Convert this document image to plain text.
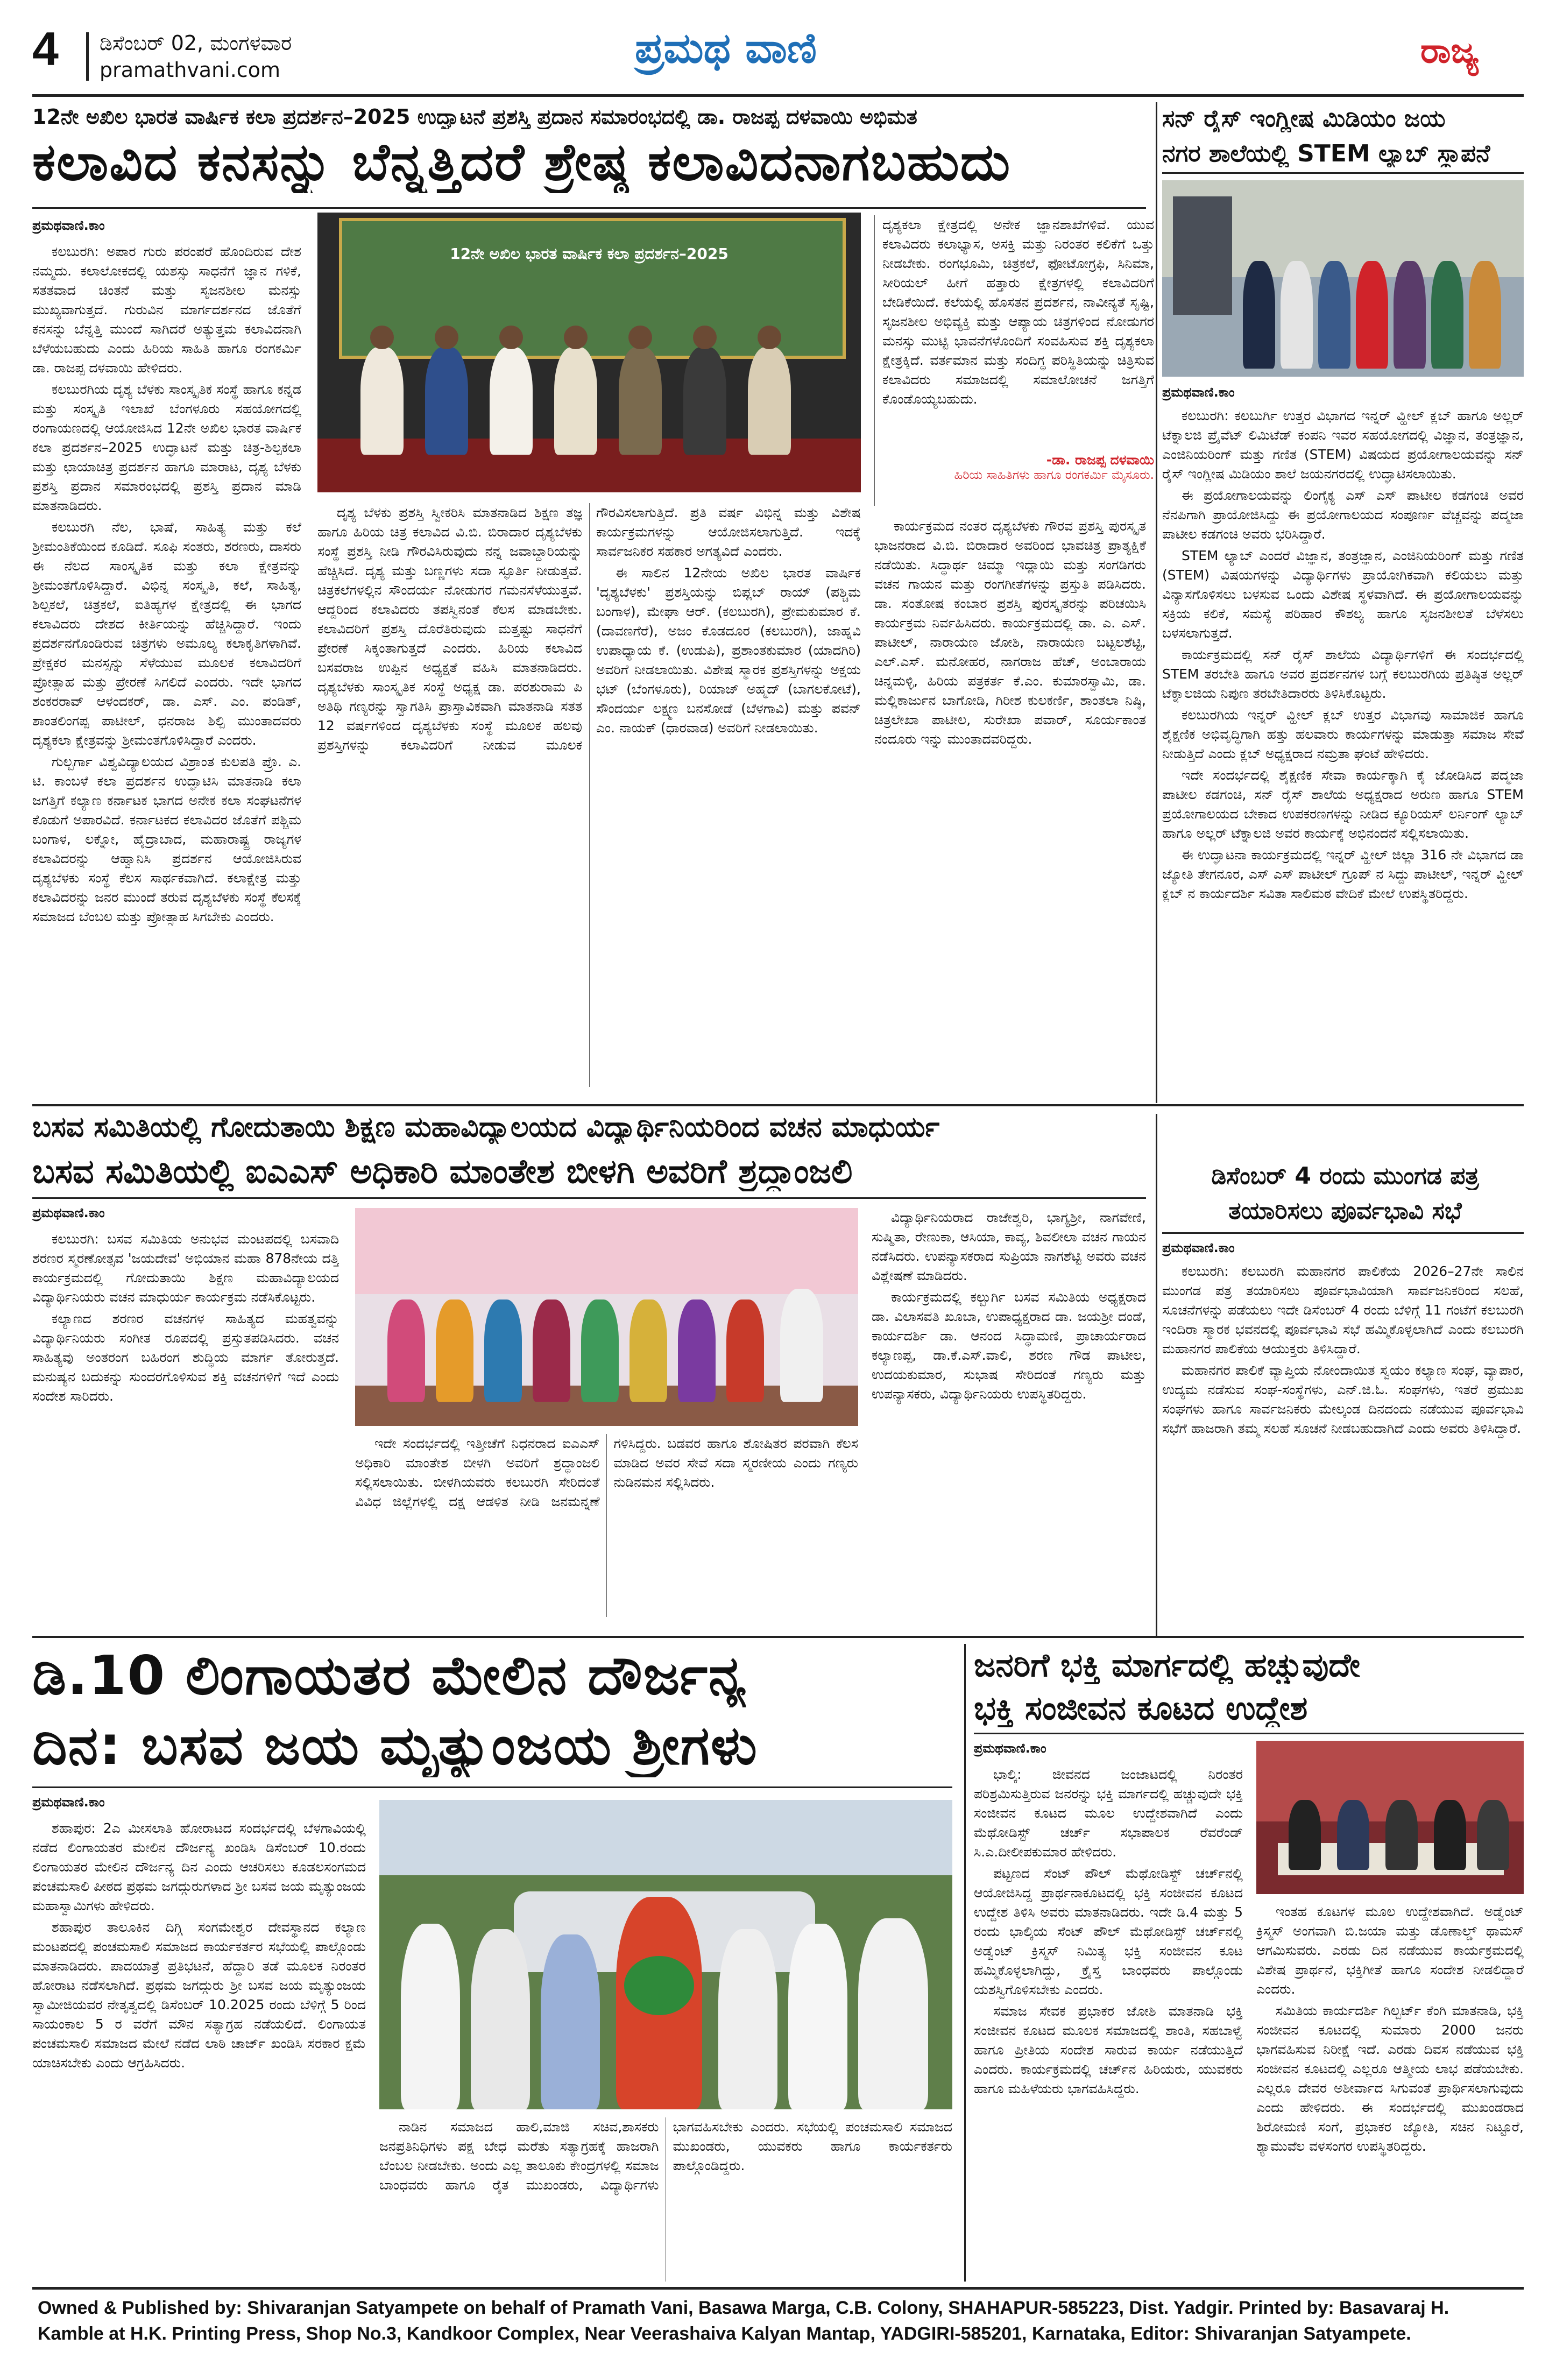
4 ಡಿಸೆಂಬರ್ 02, ಮಂಗಳವಾರ
pramathvani.com	ಪ್ರಮಥ ವಾಣಿ	ರಾಜ್ಯ
12ನೇ ಅಖಿಲ ಭಾರತ ವಾರ್ಷಿಕ ಕಲಾ ಪ್ರದರ್ಶನ–2025 ಉದ್ಘಾಟನೆ ಪ್ರಶಸ್ತಿ ಪ್ರದಾನ ಸಮಾರಂಭದಲ್ಲಿ ಡಾ. ರಾಜಪ್ಪ ದಳವಾಯಿ ಅಭಿಮತ
ಕಲಾವಿದ ಕನಸನ್ನು ಬೆನ್ನತ್ತಿದರೆ ಶ್ರೇಷ್ಠ ಕಲಾವಿದನಾಗಬಹುದು
ಪ್ರಮಥವಾಣಿ.ಕಾಂ

ಕಲಬುರಗಿ: ಅಪಾರ ಗುರು ಪರಂಪರೆ ಹೊಂದಿರುವ ದೇಶ ನಮ್ಮದು. ಕಲಾಲೋಕದಲ್ಲಿ ಯಶಸ್ಸು ಸಾಧನೆಗೆ ಜ್ಞಾನ ಗಳಿಕೆ, ಸತತವಾದ ಚಿಂತನೆ ಮತ್ತು ಸೃಜನಶೀಲ ಮನಸ್ಸು ಮುಖ್ಯವಾಗುತ್ತದೆ. ಗುರುವಿನ ಮಾರ್ಗದರ್ಶನದ ಜೊತೆಗೆ ಕನಸನ್ನು ಬೆನ್ನತ್ತಿ ಮುಂದೆ ಸಾಗಿದರೆ ಅತ್ಯುತ್ತಮ ಕಲಾವಿದನಾಗಿ ಬೆಳೆಯಬಹುದು ಎಂದು ಹಿರಿಯ ಸಾಹಿತಿ ಹಾಗೂ ರಂಗಕರ್ಮಿ ಡಾ. ರಾಜಪ್ಪ ದಳವಾಯಿ ಹೇಳಿದರು.

ಕಲಬುರಗಿಯ ದೃಶ್ಯ ಬೆಳಕು ಸಾಂಸ್ಕೃತಿಕ ಸಂಸ್ಥೆ ಹಾಗೂ ಕನ್ನಡ ಮತ್ತು ಸಂಸ್ಕೃತಿ ಇಲಾಖೆ ಬೆಂಗಳೂರು ಸಹಯೋಗದಲ್ಲಿ ರಂಗಾಯಣದಲ್ಲಿ ಆಯೋಜಿಸಿದ 12ನೇ ಅಖಿಲ ಭಾರತ ವಾರ್ಷಿಕ ಕಲಾ ಪ್ರದರ್ಶನ–2025 ಉದ್ಘಾಟನೆ ಮತ್ತು ಚಿತ್ರ-ಶಿಲ್ಪಕಲಾ ಮತ್ತು ಛಾಯಾಚಿತ್ರ ಪ್ರದರ್ಶನ ಹಾಗೂ ಮಾರಾಟ, ದೃಶ್ಯ ಬೆಳಕು ಪ್ರಶಸ್ತಿ ಪ್ರದಾನ ಸಮಾರಂಭದಲ್ಲಿ ಪ್ರಶಸ್ತಿ ಪ್ರದಾನ ಮಾಡಿ ಮಾತನಾಡಿದರು.

ಕಲಬುರಗಿ ನೆಲ, ಭಾಷೆ, ಸಾಹಿತ್ಯ ಮತ್ತು ಕಲೆ ಶ್ರೀಮಂತಿಕೆಯಿಂದ ಕೂಡಿದೆ. ಸೂಫಿ ಸಂತರು, ಶರಣರು, ದಾಸರು ಈ ನೆಲದ ಸಾಂಸ್ಕೃತಿಕ ಮತ್ತು ಕಲಾ ಕ್ಷೇತ್ರವನ್ನು ಶ್ರೀಮಂತಗೊಳಿಸಿದ್ದಾರೆ. ವಿಭಿನ್ನ ಸಂಸ್ಕೃತಿ, ಕಲೆ, ಸಾಹಿತ್ಯ, ಶಿಲ್ಪಕಲೆ, ಚಿತ್ರಕಲೆ, ಐತಿಹ್ಯಗಳ ಕ್ಷೇತ್ರದಲ್ಲಿ ಈ ಭಾಗದ ಕಲಾವಿದರು ದೇಶದ ಕೀರ್ತಿಯನ್ನು ಹೆಚ್ಚಿಸಿದ್ದಾರೆ. ಇಂದು ಪ್ರದರ್ಶನಗೊಂಡಿರುವ ಚಿತ್ರಗಳು ಅಮೂಲ್ಯ ಕಲಾಕೃತಿಗಳಾಗಿವೆ. ಪ್ರೇಕ್ಷಕರ ಮನಸ್ಸನ್ನು ಸೆಳೆಯುವ ಮೂಲಕ ಕಲಾವಿದರಿಗೆ ಪ್ರೋತ್ಸಾಹ ಮತ್ತು ಪ್ರೇರಣೆ ಸಿಗಲಿದೆ ಎಂದರು. ಇದೇ ಭಾಗದ ಶಂಕರರಾವ್ ಆಳಂದಕರ್, ಡಾ. ಎಸ್. ಎಂ. ಪಂಡಿತ್, ಶಾಂತಲಿಂಗಪ್ಪ ಪಾಟೀಲ್, ಧನರಾಜ ಶಿಲ್ಪಿ ಮುಂತಾದವರು ದೃಶ್ಯಕಲಾ ಕ್ಷೇತ್ರವನ್ನು ಶ್ರೀಮಂತಗೊಳಿಸಿದ್ದಾರೆ ಎಂದರು.

ಗುಲ್ಬರ್ಗಾ ವಿಶ್ವವಿದ್ಯಾಲಯದ ವಿಶ್ರಾಂತ ಕುಲಪತಿ ಪ್ರೊ. ಎ. ಟಿ. ಕಾಂಬಳೆ ಕಲಾ ಪ್ರದರ್ಶನ ಉದ್ಘಾಟಿಸಿ ಮಾತನಾಡಿ ಕಲಾ ಜಗತ್ತಿಗೆ ಕಲ್ಯಾಣ ಕರ್ನಾಟಕ ಭಾಗದ ಅನೇಕ ಕಲಾ ಸಂಘಟನೆಗಳ ಕೊಡುಗೆ ಅಪಾರವಿದೆ. ಕರ್ನಾಟಕದ ಕಲಾವಿದರ ಜೊತೆಗೆ ಪಶ್ಚಿಮ ಬಂಗಾಳ, ಲಕ್ನೋ, ಹೈದ್ರಾಬಾದ, ಮಹಾರಾಷ್ಟ್ರ ರಾಜ್ಯಗಳ ಕಲಾವಿದರನ್ನು ಆಹ್ವಾನಿಸಿ ಪ್ರದರ್ಶನ ಆಯೋಜಿಸಿರುವ ದೃಶ್ಯಬೆಳಕು ಸಂಸ್ಥೆ ಕೆಲಸ ಸಾರ್ಥಕವಾಗಿದೆ. ಕಲಾಕ್ಷೇತ್ರ ಮತ್ತು ಕಲಾವಿದರನ್ನು ಜನರ ಮುಂದೆ ತರುವ ದೃಶ್ಯಬೆಳಕು ಸಂಸ್ಥೆ ಕೆಲಸಕ್ಕೆ ಸಮಾಜದ ಬೆಂಬಲ ಮತ್ತು ಪ್ರೋತ್ಸಾಹ ಸಿಗಬೇಕು ಎಂದರು.

12ನೇ ಅಖಿಲ ಭಾರತ ವಾರ್ಷಿಕ ಕಲಾ ಪ್ರದರ್ಶನ–2025

ದೃಶ್ಯ ಬೆಳಕು ಪ್ರಶಸ್ತಿ ಸ್ವೀಕರಿಸಿ ಮಾತನಾಡಿದ ಶಿಕ್ಷಣ ತಜ್ಞ ಹಾಗೂ ಹಿರಿಯ ಚಿತ್ರ ಕಲಾವಿದ ವಿ.ಬಿ. ಬಿರಾದಾರ ದೃಶ್ಯಬೆಳಕು ಸಂಸ್ಥೆ ಪ್ರಶಸ್ತಿ ನೀಡಿ ಗೌರವಿಸಿರುವುದು ನನ್ನ ಜವಾಬ್ದಾರಿಯನ್ನು ಹೆಚ್ಚಿಸಿದೆ. ದೃಶ್ಯ ಮತ್ತು ಬಣ್ಣಗಳು ಸದಾ ಸ್ಫೂರ್ತಿ ನೀಡುತ್ತವೆ. ಚಿತ್ರಕಲೆಗಳಲ್ಲಿನ ಸೌಂದರ್ಯ ನೋಡುಗರ ಗಮನಸೆಳೆಯುತ್ತವೆ. ಆದ್ದರಿಂದ ಕಲಾವಿದರು ತಪಸ್ವಿನಂತೆ ಕೆಲಸ ಮಾಡಬೇಕು. ಕಲಾವಿದರಿಗೆ ಪ್ರಶಸ್ತಿ ದೊರೆತಿರುವುದು ಮತ್ತಷ್ಟು ಸಾಧನೆಗೆ ಪ್ರೇರಣೆ ಸಿಕ್ಕಂತಾಗುತ್ತದೆ ಎಂದರು. ಹಿರಿಯ ಕಲಾವಿದ ಬಸವರಾಜ ಉಪ್ಪಿನ ಅಧ್ಯಕ್ಷತೆ ವಹಿಸಿ ಮಾತನಾಡಿದರು. ದೃಶ್ಯಬೆಳಕು ಸಾಂಸ್ಕೃತಿಕ ಸಂಸ್ಥೆ ಅಧ್ಯಕ್ಷ ಡಾ. ಪರಶುರಾಮ ಪಿ ಅತಿಥಿ ಗಣ್ಯರನ್ನು ಸ್ವಾಗತಿಸಿ ಪ್ರಾಸ್ತಾವಿಕವಾಗಿ ಮಾತನಾಡಿ ಸತತ 12 ವರ್ಷಗಳಿಂದ ದೃಶ್ಯಬೆಳಕು ಸಂಸ್ಥೆ ಮೂಲಕ ಹಲವು ಪ್ರಶಸ್ತಿಗಳನ್ನು ಕಲಾವಿದರಿಗೆ ನೀಡುವ ಮೂಲಕ ಗೌರವಿಸಲಾಗುತ್ತಿದೆ. ಪ್ರತಿ ವರ್ಷ ವಿಭಿನ್ನ ಮತ್ತು ವಿಶೇಷ ಕಾರ್ಯಕ್ರಮಗಳನ್ನು ಆಯೋಜಿಸಲಾಗುತ್ತಿದೆ. ಇದಕ್ಕೆ ಸಾರ್ವಜನಿಕರ ಸಹಕಾರ ಅಗತ್ಯವಿದೆ ಎಂದರು.

ಈ ಸಾಲಿನ 12ನೇಯ ಅಖಿಲ ಭಾರತ ವಾರ್ಷಿಕ 'ದೃಶ್ಯಬೆಳಕು' ಪ್ರಶಸ್ತಿಯನ್ನು ಬಿಪ್ಲಬ್ ರಾಯ್ (ಪಶ್ಚಿಮ ಬಂಗಾಳ), ಮೇಘಾ ಆರ್. (ಕಲಬುರಗಿ), ಪ್ರೇಮಕುಮಾರ ಕೆ. (ದಾವಣಗೆರೆ), ಅಜಂ ಕೊಡದೂರ (ಕಲಬುರಗಿ), ಜಾಹ್ನವಿ ಉಪಾಧ್ಯಾಯ ಕೆ. (ಉಡುಪಿ), ಪ್ರಶಾಂತಕುಮಾರ (ಯಾದಗಿರಿ) ಅವರಿಗೆ ನೀಡಲಾಯಿತು. ವಿಶೇಷ ಸ್ಮಾರಕ ಪ್ರಶಸ್ತಿಗಳನ್ನು ಅಕ್ಷಯ ಭಟ್ (ಬೆಂಗಳೂರು), ರಿಯಾಜ್ ಅಹ್ಮದ್ (ಬಾಗಲಕೋಟೆ), ಸೌಂದರ್ಯ ಲಕ್ಷ್ಮಣ ಬನಸೋಡೆ (ಬೆಳಗಾವಿ) ಮತ್ತು ಪವನ್ ಎಂ. ನಾಯಕ್ (ಧಾರವಾಡ) ಅವರಿಗೆ ನೀಡಲಾಯಿತು.

ದೃಶ್ಯಕಲಾ ಕ್ಷೇತ್ರದಲ್ಲಿ ಅನೇಕ ಜ್ಞಾನಶಾಖೆಗಳಿವೆ. ಯುವ ಕಲಾವಿದರು ಕಲಾಭ್ಯಾಸ, ಅಸಕ್ತಿ ಮತ್ತು ನಿರಂತರ ಕಲಿಕೆಗೆ ಒತ್ತು ನೀಡಬೇಕು. ರಂಗಭೂಮಿ, ಚಿತ್ರಕಲೆ, ಫೋಟೋಗ್ರಫಿ, ಸಿನಿಮಾ, ಸೀರಿಯಲ್ ಹೀಗೆ ಹತ್ತಾರು ಕ್ಷೇತ್ರಗಳಲ್ಲಿ ಕಲಾವಿದರಿಗೆ ಬೇಡಿಕೆಯಿದೆ. ಕಲೆಯಲ್ಲಿ ಹೊಸತನ ಪ್ರದರ್ಶನ, ನಾವೀನ್ಯತೆ ಸೃಷ್ಟಿ, ಸೃಜನಶೀಲ ಅಭಿವ್ಯಕ್ತಿ ಮತ್ತು ಆಪ್ಯಾಯ ಚಿತ್ರಗಳಿಂದ ನೋಡುಗರ ಮನಸ್ಸು ಮುಟ್ಟಿ ಭಾವನೆಗಳೊಂದಿಗೆ ಸಂವಹಿಸುವ ಶಕ್ತಿ ದೃಶ್ಯಕಲಾ ಕ್ಷೇತ್ರಕ್ಕಿದೆ. ವರ್ತಮಾನ ಮತ್ತು ಸಂದಿಗ್ಧ ಪರಿಸ್ಥಿತಿಯನ್ನು ಚಿತ್ರಿಸುವ ಕಲಾವಿದರು ಸಮಾಜದಲ್ಲಿ ಸಮಾಲೋಚನೆ ಜಗತ್ತಿಗೆ ಕೊಂಡೊಯ್ಯಬಹುದು.
-ಡಾ. ರಾಜಪ್ಪ ದಳವಾಯಿ
ಹಿರಿಯ ಸಾಹಿತಿಗಳು ಹಾಗೂ ರಂಗಕರ್ಮಿ ಮೈಸೂರು.

ಕಾರ್ಯಕ್ರಮದ ನಂತರ ದೃಶ್ಯಬೆಳಕು ಗೌರವ ಪ್ರಶಸ್ತಿ ಪುರಸ್ಕೃತ ಭಾಜನರಾದ ವಿ.ಬಿ. ಬಿರಾದಾರ ಅವರಿಂದ ಭಾವಚಿತ್ರ ಪ್ರಾತ್ಯಕ್ಷಿಕೆ ನಡೆಯಿತು. ಸಿದ್ಧಾರ್ಥ ಚಿಮ್ಮಾ ಇದ್ಲಾಯಿ ಮತ್ತು ಸಂಗಡಿಗರು ವಚನ ಗಾಯನ ಮತ್ತು ರಂಗಗೀತೆಗಳನ್ನು ಪ್ರಸ್ತುತಿ ಪಡಿಸಿದರು. ಡಾ. ಸಂತೋಷ ಕಂಬಾರ ಪ್ರಶಸ್ತಿ ಪುರಸ್ಕೃತರನ್ನು ಪರಿಚಯಿಸಿ ಕಾರ್ಯಕ್ರಮ ನಿರ್ವಹಿಸಿದರು. ಕಾರ್ಯಕ್ರಮದಲ್ಲಿ ಡಾ. ಎ. ಎಸ್. ಪಾಟೀಲ್, ನಾರಾಯಣ ಜೋಶಿ, ನಾರಾಯಣ ಬಟ್ಟಲಶೆಟ್ಟಿ, ಎಲ್.ಎಸ್. ಮನೋಹರ, ನಾಗರಾಜ ಹೆಚ್, ಅಂಬಾರಾಯ ಚಿನ್ನಮಳ್ಳಿ, ಹಿರಿಯ ಪತ್ರಕರ್ತ ಕೆ.ಎಂ. ಕುಮಾರಸ್ವಾಮಿ, ಡಾ. ಮಲ್ಲಿಕಾರ್ಜುನ ಬಾಗೋಡಿ, ಗಿರೀಶ ಕುಲಕರ್ಣಿ, ಶಾಂತಲಾ ನಿಷ್ಠಿ, ಚಿತ್ರಲೇಖಾ ಪಾಟೀಲ, ಸುರೇಖಾ ಪವಾರ್, ಸೂರ್ಯಕಾಂತ ನಂದೂರು ಇನ್ನು ಮುಂತಾದವರಿದ್ದರು.

ಸನ್ ರೈಸ್ ಇಂಗ್ಲೀಷ ಮಿಡಿಯಂ ಜಯ
ನಗರ ಶಾಲೆಯಲ್ಲಿ STEM ಲ್ಯಾಬ್ ಸ್ಥಾಪನೆ
ಪ್ರಮಥವಾಣಿ.ಕಾಂ

ಕಲಬುರಗಿ: ಕಲಬುರ್ಗಿ ಉತ್ತರ ವಿಭಾಗದ ಇನ್ನರ್ ವ್ಹೀಲ್ ಕ್ಲಬ್ ಹಾಗೂ ಅಲ್ಲರ್ ಟೆಕ್ನಾಲಜಿ ಪ್ರೈವೆಟ್ ಲಿಮಿಟೆಡ್ ಕಂಪನಿ ಇವರ ಸಹಯೋಗದಲ್ಲಿ ವಿಜ್ಞಾನ, ತಂತ್ರಜ್ಞಾನ, ಎಂಜಿನಿಯರಿಂಗ್ ಮತ್ತು ಗಣಿತ (STEM) ವಿಷಯದ ಪ್ರಯೋಗಾಲಯವನ್ನು ಸನ್ ರೈಸ್ ಇಂಗ್ಲೀಷ ಮಿಡಿಯಂ ಶಾಲೆ ಜಯನಗರದಲ್ಲಿ ಉದ್ಘಾಟಿಸಲಾಯಿತು.

ಈ ಪ್ರಯೋಗಾಲಯವನ್ನು ಲಿಂಗೈಕ್ಯ ಎಸ್ ಎಸ್ ಪಾಟೀಲ ಕಡಗಂಚಿ ಅವರ ನೆನಪಿಗಾಗಿ ಪ್ರಾಯೋಜಿಸಿದ್ದು ಈ ಪ್ರಯೋಗಾಲಯದ ಸಂಪೂರ್ಣ ವೆಚ್ಚವನ್ನು ಪದ್ಮಜಾ ಪಾಟೀಲ ಕಡಗಂಚಿ ಅವರು ಭರಿಸಿದ್ದಾರೆ.

STEM ಲ್ಯಾಬ್ ಎಂದರೆ ವಿಜ್ಞಾನ, ತಂತ್ರಜ್ಞಾನ, ಎಂಜಿನಿಯರಿಂಗ್ ಮತ್ತು ಗಣಿತ (STEM) ವಿಷಯಗಳನ್ನು ವಿದ್ಯಾರ್ಥಿಗಳು ಪ್ರಾಯೋಗಿಕವಾಗಿ ಕಲಿಯಲು ಮತ್ತು ವಿನ್ಯಾಸಗೊಳಿಸಲು ಬಳಸುವ ಒಂದು ವಿಶೇಷ ಸ್ಥಳವಾಗಿದೆ. ಈ ಪ್ರಯೋಗಾಲಯವನ್ನು ಸಕ್ರಿಯ ಕಲಿಕೆ, ಸಮಸ್ಯೆ ಪರಿಹಾರ ಕೌಶಲ್ಯ ಹಾಗೂ ಸೃಜನಶೀಲತೆ ಬೆಳೆಸಲು ಬಳಸಲಾಗುತ್ತದೆ.

ಕಾರ್ಯಕ್ರಮದಲ್ಲಿ ಸನ್ ರೈಸ್ ಶಾಲೆಯ ವಿದ್ಯಾರ್ಥಿಗಳಿಗೆ ಈ ಸಂದರ್ಭದಲ್ಲಿ STEM ತರಬೇತಿ ಹಾಗೂ ಅವರ ಪ್ರದರ್ಶನಗಳ ಬಗ್ಗೆ ಕಲಬುರಗಿಯ ಪ್ರತಿಷ್ಠಿತ ಅಲ್ಲರ್ ಟೆಕ್ನಾಲಜಿಯ ನಿಪುಣ ತರಬೇತಿದಾರರು ತಿಳಿಸಿಕೊಟ್ಟರು.

ಕಲಬುರಗಿಯ ಇನ್ನರ್ ವ್ಹೀಲ್ ಕ್ಲಬ್ ಉತ್ತರ ವಿಭಾಗವು ಸಾಮಾಜಿಕ ಹಾಗೂ ಶೈಕ್ಷಣಿಕ ಅಭಿವೃದ್ಧಿಗಾಗಿ ಹತ್ತು ಹಲವಾರು ಕಾರ್ಯಗಳನ್ನು ಮಾಡುತ್ತಾ ಸಮಾಜ ಸೇವೆ ನೀಡುತ್ತಿದೆ ಎಂದು ಕ್ಲಬ್ ಅಧ್ಯಕ್ಷರಾದ ನಮ್ರತಾ ಘಂಟೆ ಹೇಳಿದರು.

ಇದೇ ಸಂದರ್ಭದಲ್ಲಿ ಶೈಕ್ಷಣಿಕ ಸೇವಾ ಕಾರ್ಯಕ್ಕಾಗಿ ಕೈ ಜೋಡಿಸಿದ ಪದ್ಮಜಾ ಪಾಟೀಲ ಕಡಗಂಚಿ, ಸನ್ ರೈಸ್ ಶಾಲೆಯ ಅಧ್ಯಕ್ಷರಾದ ಅರುಣ ಹಾಗೂ STEM ಪ್ರಯೋಗಾಲಯದ ಬೇಕಾದ ಉಪಕರಣಗಳನ್ನು ನೀಡಿದ ಕ್ಯೂರಿಯಸ್ ಲರ್ನಿಂಗ್ ಲ್ಯಾಬ್ ಹಾಗೂ ಅಲ್ಲರ್ ಟೆಕ್ನಾಲಜಿ ಅವರ ಕಾರ್ಯಕ್ಕೆ ಅಭಿನಂದನೆ ಸಲ್ಲಿಸಲಾಯಿತು.

ಈ ಉದ್ಘಾಟನಾ ಕಾರ್ಯಕ್ರಮದಲ್ಲಿ ಇನ್ನರ್ ವ್ಹೀಲ್ ಜಿಲ್ಲಾ 316 ನೇ ವಿಭಾಗದ ಡಾ ಜ್ಯೋತಿ ತೇಗನೂರ, ಎಸ್ ಎಸ್ ಪಾಟೀಲ್ ಗ್ರೂಪ್ ನ ಸಿದ್ದು ಪಾಟೀಲ್, ಇನ್ನರ್ ವ್ಹೀಲ್ ಕ್ಲಬ್ ನ ಕಾರ್ಯದರ್ಶಿ ಸವಿತಾ ಸಾಲಿಮಠ ವೇದಿಕೆ ಮೇಲೆ ಉಪಸ್ಥಿತರಿದ್ದರು.

ಬಸವ ಸಮಿತಿಯಲ್ಲಿ ಗೋದುತಾಯಿ ಶಿಕ್ಷಣ ಮಹಾವಿದ್ಯಾಲಯದ ವಿದ್ಯಾರ್ಥಿನಿಯರಿಂದ ವಚನ ಮಾಧುರ್ಯ
ಬಸವ ಸಮಿತಿಯಲ್ಲಿ ಐಎಎಸ್ ಅಧಿಕಾರಿ ಮಾಂತೇಶ ಬೀಳಗಿ ಅವರಿಗೆ ಶ್ರದ್ಧಾಂಜಲಿ
ಪ್ರಮಥವಾಣಿ.ಕಾಂ

ಕಲಬುರಗಿ: ಬಸವ ಸಮಿತಿಯ ಅನುಭವ ಮಂಟಪದಲ್ಲಿ ಬಸವಾದಿ ಶರಣರ ಸ್ಮರಣೋತ್ಸವ 'ಜಯದೇವ' ಅಭಿಯಾನ ಮಹಾ 878ನೇಯ ದತ್ತಿ ಕಾರ್ಯಕ್ರಮದಲ್ಲಿ ಗೋದುತಾಯಿ ಶಿಕ್ಷಣ ಮಹಾವಿದ್ಯಾಲಯದ ವಿದ್ಯಾರ್ಥಿನಿಯರು ವಚನ ಮಾಧುರ್ಯ ಕಾರ್ಯಕ್ರಮ ನಡೆಸಿಕೊಟ್ಟರು.

ಕಲ್ಯಾಣದ ಶರಣರ ವಚನಗಳ ಸಾಹಿತ್ಯದ ಮಹತ್ವವನ್ನು ವಿದ್ಯಾರ್ಥಿನಿಯರು ಸಂಗೀತ ರೂಪದಲ್ಲಿ ಪ್ರಸ್ತುತಪಡಿಸಿದರು. ವಚನ ಸಾಹಿತ್ಯವು ಅಂತರಂಗ ಬಹಿರಂಗ ಶುದ್ಧಿಯ ಮಾರ್ಗ ತೋರುತ್ತದೆ. ಮನುಷ್ಯನ ಬದುಕನ್ನು ಸುಂದರಗೊಳಿಸುವ ಶಕ್ತಿ ವಚನಗಳಿಗೆ ಇದೆ ಎಂದು ಸಂದೇಶ ಸಾರಿದರು.

ಇದೇ ಸಂದರ್ಭದಲ್ಲಿ ಇತ್ತೀಚೆಗೆ ನಿಧನರಾದ ಐಎಎಸ್ ಅಧಿಕಾರಿ ಮಾಂತೇಶ ಬೀಳಗಿ ಅವರಿಗೆ ಶ್ರದ್ಧಾಂಜಲಿ ಸಲ್ಲಿಸಲಾಯಿತು. ಬೀಳಗಿಯವರು ಕಲಬುರಗಿ ಸೇರಿದಂತೆ ವಿವಿಧ ಜಿಲ್ಲೆಗಳಲ್ಲಿ ದಕ್ಷ ಆಡಳಿತ ನೀಡಿ ಜನಮನ್ನಣೆ ಗಳಿಸಿದ್ದರು. ಬಡವರ ಹಾಗೂ ಶೋಷಿತರ ಪರವಾಗಿ ಕೆಲಸ ಮಾಡಿದ ಅವರ ಸೇವೆ ಸದಾ ಸ್ಮರಣೀಯ ಎಂದು ಗಣ್ಯರು ನುಡಿನಮನ ಸಲ್ಲಿಸಿದರು.

ವಿದ್ಯಾರ್ಥಿನಿಯರಾದ ರಾಜೇಶ್ವರಿ, ಭಾಗ್ಯಶ್ರೀ, ನಾಗವೇಣಿ, ಸುಷ್ಮಿತಾ, ರೇಣುಕಾ, ಆಸಿಯಾ, ಕಾವ್ಯ, ಶಿವಲೀಲಾ ವಚನ ಗಾಯನ ನಡೆಸಿದರು. ಉಪನ್ಯಾಸಕರಾದ ಸುಪ್ರಿಯಾ ನಾಗಶೆಟ್ಟಿ ಅವರು ವಚನ ವಿಶ್ಲೇಷಣೆ ಮಾಡಿದರು.

ಕಾರ್ಯಕ್ರಮದಲ್ಲಿ ಕಲ್ಬುರ್ಗಿ ಬಸವ ಸಮಿತಿಯ ಅಧ್ಯಕ್ಷರಾದ ಡಾ. ವಿಲಾಸವತಿ ಖೂಬಾ, ಉಪಾಧ್ಯಕ್ಷರಾದ ಡಾ. ಜಯಶ್ರೀ ದಂಡೆ, ಕಾರ್ಯದರ್ಶಿ ಡಾ. ಆನಂದ ಸಿದ್ಧಾಮಣಿ, ಪ್ರಾಚಾರ್ಯರಾದ ಕಲ್ಯಾಣಪ್ಪ, ಡಾ.ಕೆ.ಎಸ್.ವಾಲಿ, ಶರಣ ಗೌಡ ಪಾಟೀಲ, ಉದಯಕುಮಾರ, ಸುಭಾಷ ಸೇರಿದಂತೆ ಗಣ್ಯರು ಮತ್ತು ಉಪನ್ಯಾಸಕರು, ವಿದ್ಯಾರ್ಥಿನಿಯರು ಉಪಸ್ಥಿತರಿದ್ದರು.

ಡಿಸೆಂಬರ್ 4 ರಂದು ಮುಂಗಡ ಪತ್ರ
ತಯಾರಿಸಲು ಪೂರ್ವಭಾವಿ ಸಭೆ
ಪ್ರಮಥವಾಣಿ.ಕಾಂ

ಕಲಬುರಗಿ: ಕಲಬುರಗಿ ಮಹಾನಗರ ಪಾಲಿಕೆಯ 2026–27ನೇ ಸಾಲಿನ ಮುಂಗಡ ಪತ್ರ ತಯಾರಿಸಲು ಪೂರ್ವಭಾವಿಯಾಗಿ ಸಾರ್ವಜನಿಕರಿಂದ ಸಲಹೆ, ಸೂಚನೆಗಳನ್ನು ಪಡೆಯಲು ಇದೇ ಡಿಸೆಂಬರ್ 4 ರಂದು ಬೆಳಿಗ್ಗೆ 11 ಗಂಟೆಗೆ ಕಲಬುರಗಿ ಇಂದಿರಾ ಸ್ಮಾರಕ ಭವನದಲ್ಲಿ ಪೂರ್ವಭಾವಿ ಸಭೆ ಹಮ್ಮಿಕೊಳ್ಳಲಾಗಿದೆ ಎಂದು ಕಲಬುರಗಿ ಮಹಾನಗರ ಪಾಲಿಕೆಯ ಆಯುಕ್ತರು ತಿಳಿಸಿದ್ದಾರೆ.

ಮಹಾನಗರ ಪಾಲಿಕೆ ವ್ಯಾಪ್ತಿಯ ನೋಂದಾಯಿತ ಸ್ವಯಂ ಕಲ್ಯಾಣ ಸಂಘ, ವ್ಯಾಪಾರ, ಉದ್ಯಮ ನಡೆಸುವ ಸಂಘ-ಸಂಸ್ಥೆಗಳು, ಎನ್.ಜಿ.ಓ. ಸಂಘಗಳು, ಇತರೆ ಪ್ರಮುಖ ಸಂಘಗಳು ಹಾಗೂ ಸಾರ್ವಜನಿಕರು ಮೇಲ್ಕಂಡ ದಿನದಂದು ನಡೆಯುವ ಪೂರ್ವಭಾವಿ ಸಭೆಗೆ ಹಾಜರಾಗಿ ತಮ್ಮ ಸಲಹೆ ಸೂಚನೆ ನೀಡಬಹುದಾಗಿದೆ ಎಂದು ಅವರು ತಿಳಿಸಿದ್ದಾರೆ.

ಡಿ.10 ಲಿಂಗಾಯತರ ಮೇಲಿನ ದೌರ್ಜನ್ಯ
ದಿನ: ಬಸವ ಜಯ ಮೃತ್ಯುಂಜಯ ಶ್ರೀಗಳು
ಪ್ರಮಥವಾಣಿ.ಕಾಂ

ಶಹಾಪುರ: 2ಎ ಮೀಸಲಾತಿ ಹೋರಾಟದ ಸಂದರ್ಭದಲ್ಲಿ ಬೆಳಗಾವಿಯಲ್ಲಿ ನಡೆದ ಲಿಂಗಾಯತರ ಮೇಲಿನ ದೌರ್ಜನ್ಯ ಖಂಡಿಸಿ ಡಿಸೆಂಬರ್ 10.ರಂದು ಲಿಂಗಾಯತರ ಮೇಲಿನ ದೌರ್ಜನ್ಯ ದಿನ ಎಂದು ಆಚರಿಸಲು ಕೂಡಲಸಂಗಮದ ಪಂಚಮಸಾಲಿ ಪೀಠದ ಪ್ರಥಮ ಜಗದ್ಗುರುಗಳಾದ ಶ್ರೀ ಬಸವ ಜಯ ಮೃತ್ಯುಂಜಯ ಮಹಾಸ್ವಾಮಿಗಳು ಹೇಳಿದರು.

ಶಹಾಪುರ ತಾಲೂಕಿನ ದಿಗ್ಗಿ ಸಂಗಮೇಶ್ವರ ದೇವಸ್ಥಾನದ ಕಲ್ಯಾಣ ಮಂಟಪದಲ್ಲಿ ಪಂಚಮಸಾಲಿ ಸಮಾಜದ ಕಾರ್ಯಕರ್ತರ ಸಭೆಯಲ್ಲಿ ಪಾಲ್ಗೊಂಡು ಮಾತನಾಡಿದರು. ಪಾದಯಾತ್ರೆ ಪ್ರತಿಭಟನೆ, ಹೆದ್ದಾರಿ ತಡೆ ಮೂಲಕ ನಿರಂತರ ಹೋರಾಟ ನಡೆಸಲಾಗಿದೆ. ಪ್ರಥಮ ಜಗದ್ಗುರು ಶ್ರೀ ಬಸವ ಜಯ ಮೃತ್ಯುಂಜಯ ಸ್ವಾಮೀಜಿಯವರ ನೇತೃತ್ವದಲ್ಲಿ ಡಿಸೆಂಬರ್ 10.2025 ರಂದು ಬೆಳಿಗ್ಗೆ 5 ರಿಂದ ಸಾಯಂಕಾಲ 5 ರ ವರೆಗೆ ಮೌನ ಸತ್ಯಾಗ್ರಹ ನಡೆಯಲಿದೆ. ಲಿಂಗಾಯತ ಪಂಚಮಸಾಲಿ ಸಮಾಜದ ಮೇಲೆ ನಡೆದ ಲಾಠಿ ಚಾರ್ಜ್ ಖಂಡಿಸಿ ಸರಕಾರ ಕ್ಷಮೆ ಯಾಚಿಸಬೇಕು ಎಂದು ಆಗ್ರಹಿಸಿದರು.

ನಾಡಿನ ಸಮಾಜದ ಹಾಲಿ,ಮಾಜಿ ಸಚಿವ,ಶಾಸಕರು ಜನಪ್ರತಿನಿಧಿಗಳು ಪಕ್ಷ ಬೇಧ ಮರೆತು ಸತ್ಯಾಗ್ರಹಕ್ಕೆ ಹಾಜರಾಗಿ ಬೆಂಬಲ ನೀಡಬೇಕು. ಅಂದು ಎಲ್ಲ ತಾಲೂಕು ಕೇಂದ್ರಗಳಲ್ಲಿ ಸಮಾಜ ಬಾಂಧವರು ಹಾಗೂ ರೈತ ಮುಖಂಡರು, ವಿದ್ಯಾರ್ಥಿಗಳು ಭಾಗವಹಿಸಬೇಕು ಎಂದರು. ಸಭೆಯಲ್ಲಿ ಪಂಚಮಸಾಲಿ ಸಮಾಜದ ಮುಖಂಡರು, ಯುವಕರು ಹಾಗೂ ಕಾರ್ಯಕರ್ತರು ಪಾಲ್ಗೊಂಡಿದ್ದರು.

ಜನರಿಗೆ ಭಕ್ತಿ ಮಾರ್ಗದಲ್ಲಿ ಹಚ್ಚುವುದೇ
ಭಕ್ತಿ ಸಂಜೀವನ ಕೂಟದ ಉದ್ದೇಶ
ಪ್ರಮಥವಾಣಿ.ಕಾಂ

ಭಾಲ್ಕಿ: ಜೀವನದ ಜಂಜಾಟದಲ್ಲಿ ನಿರಂತರ ಪರಿಶ್ರಮಿಸುತ್ತಿರುವ ಜನರನ್ನು ಭಕ್ತಿ ಮಾರ್ಗದಲ್ಲಿ ಹಚ್ಚುವುದೇ ಭಕ್ತಿ ಸಂಜೀವನ ಕೂಟದ ಮೂಲ ಉದ್ದೇಶವಾಗಿದೆ ಎಂದು ಮೆಥೋಡಿಸ್ಟ್ ಚರ್ಚ್ ಸಭಾಪಾಲಕ ರೆವರೆಂಡ್ ಸಿ.ಎ.ದೀಲೀಪಕುಮಾರ ಹೇಳಿದರು.

ಪಟ್ಟಣದ ಸೆಂಟ್ ಪೌಲ್ ಮೆಥೋಡಿಸ್ಟ್ ಚರ್ಚ್‌ನಲ್ಲಿ ಆಯೋಜಿಸಿದ್ದ ಪ್ರಾರ್ಥನಾಕೂಟದಲ್ಲಿ ಭಕ್ತಿ ಸಂಜೀವನ ಕೂಟದ ಉದ್ದೇಶ ತಿಳಿಸಿ ಅವರು ಮಾತನಾಡಿದರು. ಇದೇ ಡಿ.4 ಮತ್ತು 5 ರಂದು ಭಾಲ್ಕಿಯ ಸೆಂಟ್ ಪೌಲ್ ಮೆಥೋಡಿಸ್ಟ್ ಚರ್ಚ್‌ನಲ್ಲಿ ಅಡ್ವೆಂಟ್ ಕ್ರಿಸ್ಮಸ್ ನಿಮಿತ್ಯ ಭಕ್ತಿ ಸಂಜೀವನ ಕೂಟ ಹಮ್ಮಿಕೊಳ್ಳಲಾಗಿದ್ದು, ಕ್ರೈಸ್ತ ಬಾಂಧವರು ಪಾಲ್ಗೊಂಡು ಯಶಸ್ವಿಗೊಳಿಸಬೇಕು ಎಂದರು.

ಸಮಾಜ ಸೇವಕ ಪ್ರಭಾಕರ ಜೋಶಿ ಮಾತನಾಡಿ ಭಕ್ತಿ ಸಂಜೀವನ ಕೂಟದ ಮೂಲಕ ಸಮಾಜದಲ್ಲಿ ಶಾಂತಿ, ಸಹಬಾಳ್ವೆ ಹಾಗೂ ಪ್ರೀತಿಯ ಸಂದೇಶ ಸಾರುವ ಕಾರ್ಯ ನಡೆಯುತ್ತಿದೆ ಎಂದರು. ಕಾರ್ಯಕ್ರಮದಲ್ಲಿ ಚರ್ಚ್‌ನ ಹಿರಿಯರು, ಯುವಕರು ಹಾಗೂ ಮಹಿಳೆಯರು ಭಾಗವಹಿಸಿದ್ದರು.

ಇಂತಹ ಕೂಟಗಳ ಮೂಲ ಉದ್ದೇಶವಾಗಿದೆ. ಅಡ್ವೆಂಟ್ ಕ್ರಿಸ್ಮಸ್ ಅಂಗವಾಗಿ ಬಿ.ಜಯಾ ಮತ್ತು ಡೊಣಾಲ್ಡ್ ಥಾಮಸ್ ಆಗಮಿಸುವರು. ಎರಡು ದಿನ ನಡೆಯುವ ಕಾರ್ಯಕ್ರಮದಲ್ಲಿ ವಿಶೇಷ ಪ್ರಾರ್ಥನೆ, ಭಕ್ತಿಗೀತೆ ಹಾಗೂ ಸಂದೇಶ ನೀಡಲಿದ್ದಾರೆ ಎಂದರು.

ಸಮಿತಿಯ ಕಾರ್ಯದರ್ಶಿ ಗಿಲ್ಬರ್ಟ್ ಕೆಂಗಿ ಮಾತನಾಡಿ, ಭಕ್ತಿ ಸಂಜೀವನ ಕೂಟದಲ್ಲಿ ಸುಮಾರು 2000 ಜನರು ಭಾಗವಹಿಸುವ ನಿರೀಕ್ಷೆ ಇದೆ. ಎರಡು ದಿವಸ ನಡೆಯುವ ಭಕ್ತಿ ಸಂಜೀವನ ಕೂಟದಲ್ಲಿ ಎಲ್ಲರೂ ಆತ್ಮೀಯ ಲಾಭ ಪಡೆಯಬೇಕು. ಎಲ್ಲರೂ ದೇವರ ಅಶೀರ್ವಾದ ಸಿಗುವಂತೆ ಪ್ರಾರ್ಥಿಸಲಾಗುವುದು ಎಂದು ಹೇಳಿದರು. ಈ ಸಂದರ್ಭದಲ್ಲಿ ಮುಖಂಡರಾದ ಶಿರೋಮಣಿ ಸಂಗೆ, ಪ್ರಭಾಕರ ಜ್ಯೋತಿ, ಸಚಿನ ನಿಟ್ಟೂರೆ, ಶ್ಯಾಮುವೆಲ ವಳಸಂಗರ ಉಪಸ್ಥಿತರಿದ್ದರು.

Owned & Published by: Shivaranjan Satyampete on behalf of Pramath Vani, Basawa Marga, C.B. Colony, SHAHAPUR-585223, Dist. Yadgir. Printed by: Basavaraj H. Kamble at H.K. Printing Press, Shop No.3, Kandkoor Complex, Near Veerashaiva Kalyan Mantap, YADGIRI-585201, Karnataka, Editor: Shivaranjan Satyampete.
